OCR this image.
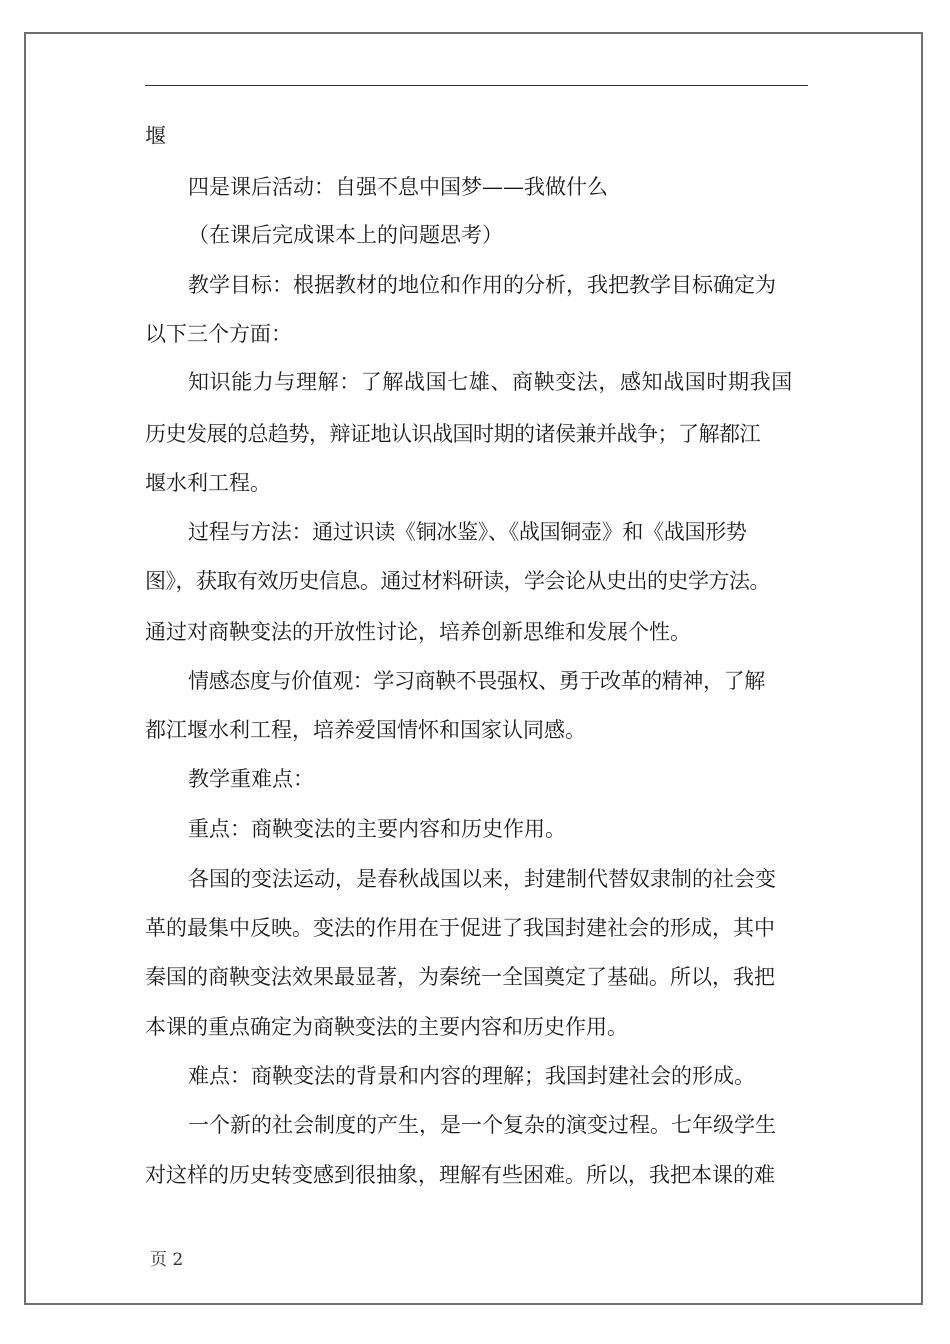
堰
四是课后活动：自强不息中国梦——我做什么
（在课后完成课本上的问题思考）
教学目标：根据教材的地位和作用的分析，我把教学目标确定为
以下三个方面：
知识能力与理解：了解战国七雄、商鞅变法，感知战国时期我国
历史发展的总趋势，辩证地认识战国时期的诸侯兼并战争；了解都江
堰水利工程。
过程与方法：通过识读《铜冰鉴》、《战国铜壶》和《战国形势
图》，获取有效历史信息。通过材料研读，学会论从史出的史学方法。
通过对商鞅变法的开放性讨论，培养创新思维和发展个性。
情感态度与价值观：学习商鞅不畏强权、勇于改革的精神，了解
都江堰水利工程，培养爱国情怀和国家认同感。
教学重难点：
重点：商鞅变法的主要内容和历史作用。
各国的变法运动，是春秋战国以来，封建制代替奴隶制的社会变
革的最集中反映。变法的作用在于促进了我国封建社会的形成，其中
秦国的商鞅变法效果最显著，为秦统一全国奠定了基础。所以，我把
本课的重点确定为商鞅变法的主要内容和历史作用。
难点：商鞅变法的背景和内容的理解；我国封建社会的形成。
一个新的社会制度的产生，是一个复杂的演变过程。七年级学生
对这样的历史转变感到很抽象，理解有些困难。所以，我把本课的难
页 2
